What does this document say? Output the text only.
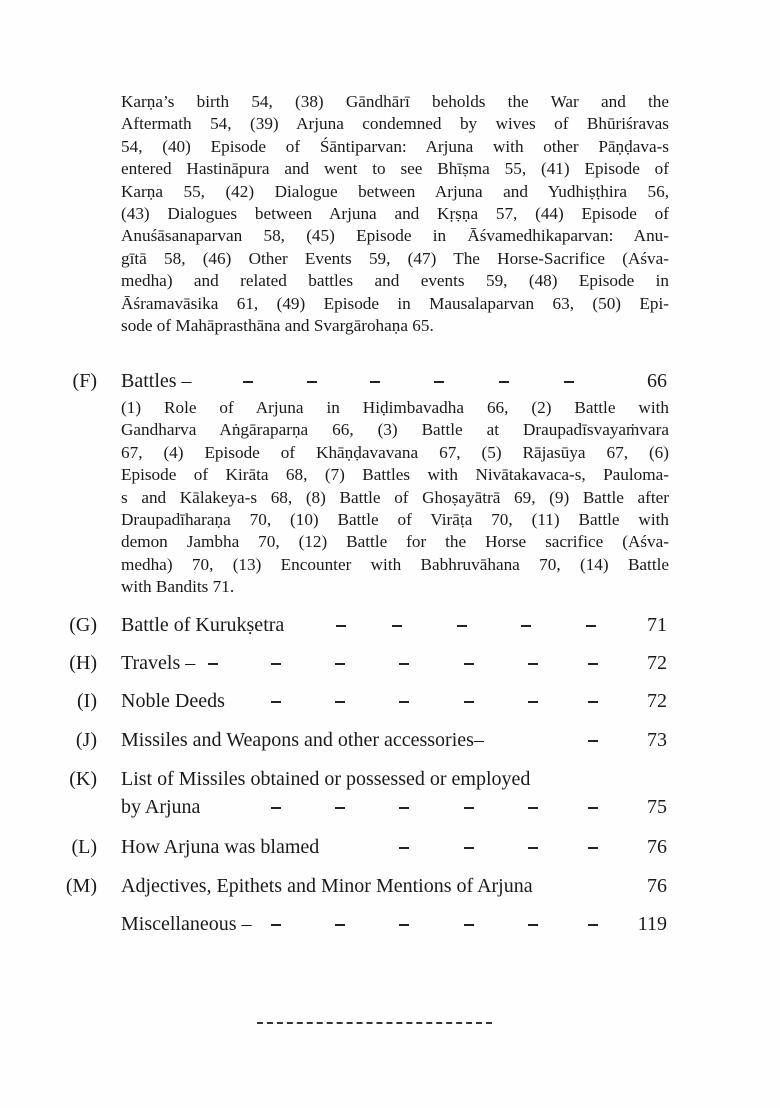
Karṇa’s birth 54, (38) Gāndhārī beholds the War and the
Aftermath 54, (39) Arjuna condemned by wives of Bhūriśravas
54, (40) Episode of Śāntiparvan: Arjuna with other Pāṇḍava-s
entered Hastināpura and went to see Bhīṣma 55, (41) Episode of
Karṇa 55, (42) Dialogue between Arjuna and Yudhiṣṭhira 56,
(43) Dialogues between Arjuna and Kṛṣṇa 57, (44) Episode of
Anuśāsanaparvan 58, (45) Episode in Āśvamedhikaparvan: Anu-
gītā 58, (46) Other Events 59, (47) The Horse-Sacrifice (Aśva-
medha) and related battles and events 59, (48) Episode in
Āśramavāsika 61, (49) Episode in Mausalaparvan 63, (50) Epi-
sode of Mahāprasthāna and Svargārohaṇa 65.
(F) Battles –	66
(1) Role of Arjuna in Hiḍimbavadha 66, (2) Battle with
Gandharva Aṅgāraparṇa 66, (3) Battle at Draupadīsvayaṁvara
67, (4) Episode of Khāṇḍavavana 67, (5) Rājasūya 67, (6)
Episode of Kirāta 68, (7) Battles with Nivātakavaca-s, Pauloma-
s and Kālakeya-s 68, (8) Battle of Ghoṣayātrā 69, (9) Battle after
Draupadīharaṇa 70, (10) Battle of Virāṭa 70, (11) Battle with
demon Jambha 70, (12) Battle for the Horse sacrifice (Aśva-
medha) 70, (13) Encounter with Babhruvāhana 70, (14) Battle
with Bandits 71.
(G) Battle of Kurukṣetra	71
(H) Travels –	72
(I) Noble Deeds	72
(J) Missiles and Weapons and other accessories–	73
(K) List of Missiles obtained or possessed or employed
by Arjuna	75
(L) How Arjuna was blamed	76
(M) Adjectives, Epithets and Minor Mentions of Arjuna	76
Miscellaneous –	119
